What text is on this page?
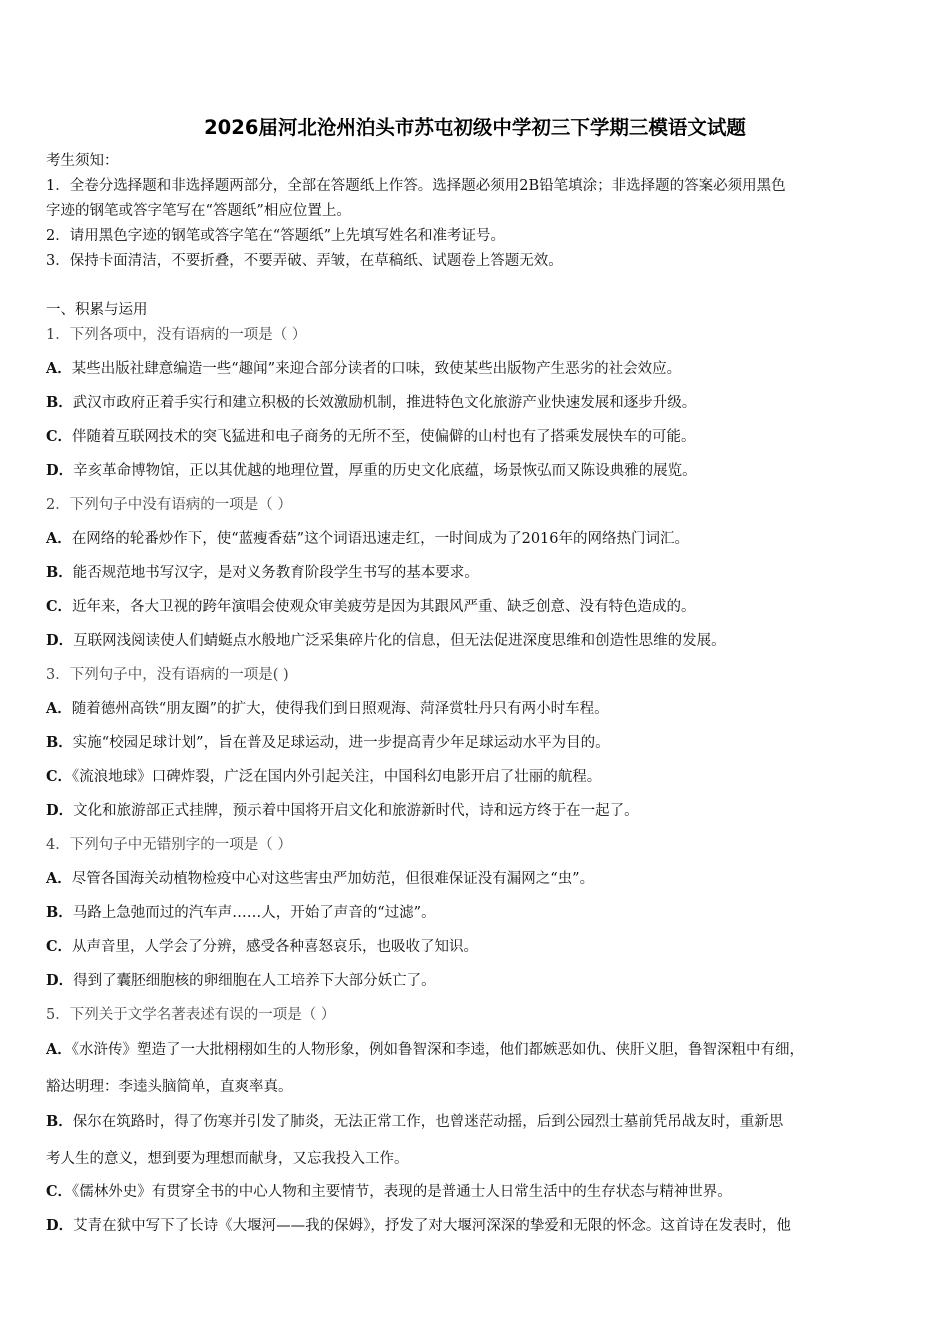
2026届河北沧州泊头市苏屯初级中学初三下学期三模语文试题
考生须知：
1．全卷分选择题和非选择题两部分，全部在答题纸上作答。选择题必须用2B铅笔填涂；非选择题的答案必须用黑色
字迹的钢笔或答字笔写在“答题纸”相应位置上。
2．请用黑色字迹的钢笔或答字笔在“答题纸”上先填写姓名和准考证号。
3．保持卡面清洁，不要折叠，不要弄破、弄皱，在草稿纸、试题卷上答题无效。
一、积累与运用
1．下列各项中，没有语病的一项是（ ）
A．某些出版社肆意编造一些“趣闻”来迎合部分读者的口味，致使某些出版物产生恶劣的社会效应。
B．武汉市政府正着手实行和建立积极的长效激励机制，推进特色文化旅游产业快速发展和逐步升级。
C．伴随着互联网技术的突飞猛进和电子商务的无所不至，使偏僻的山村也有了搭乘发展快车的可能。
D．辛亥革命博物馆，正以其优越的地理位置，厚重的历史文化底蕴，场景恢弘而又陈设典雅的展览。
2．下列句子中没有语病的一项是（ ）
A．在网络的轮番炒作下，使“蓝瘦香菇”这个词语迅速走红，一时间成为了2016年的网络热门词汇。
B．能否规范地书写汉字，是对义务教育阶段学生书写的基本要求。
C．近年来，各大卫视的跨年演唱会使观众审美疲劳是因为其跟风严重、缺乏创意、没有特色造成的。
D．互联网浅阅读使人们蜻蜓点水般地广泛采集碎片化的信息，但无法促进深度思维和创造性思维的发展。
3．下列句子中，没有语病的一项是( )
A．随着德州高铁“朋友圈”的扩大，使得我们到日照观海、菏泽赏牡丹只有两小时车程。
B．实施“校园足球计划”，旨在普及足球运动，进一步提高青少年足球运动水平为目的。
C．《流浪地球》口碑炸裂，广泛在国内外引起关注，中国科幻电影开启了壮丽的航程。
D．文化和旅游部正式挂牌，预示着中国将开启文化和旅游新时代，诗和远方终于在一起了。
4．下列句子中无错别字的一项是（ ）
A．尽管各国海关动植物检疫中心对这些害虫严加妨范，但很难保证没有漏网之“虫”。
B．马路上急弛而过的汽车声……人，开始了声音的“过滤”。
C．从声音里，人学会了分辨，感受各种喜怒哀乐，也吸收了知识。
D．得到了囊胚细胞核的卵细胞在人工培养下大部分妖亡了。
5．下列关于文学名著表述有误的一项是（ ）
A．《水浒传》塑造了一大批栩栩如生的人物形象，例如鲁智深和李逵，他们都嫉恶如仇、侠肝义胆，鲁智深粗中有细，
豁达明理：李逵头脑简单，直爽率真。
B．保尔在筑路时，得了伤寒并引发了肺炎，无法正常工作，也曾迷茫动摇，后到公园烈士墓前凭吊战友时，重新思
考人生的意义，想到要为理想而献身，又忘我投入工作。
C．《儒林外史》有贯穿全书的中心人物和主要情节，表现的是普通士人日常生活中的生存状态与精神世界。
D．艾青在狱中写下了长诗《大堰河——我的保姆》，抒发了对大堰河深深的挚爱和无限的怀念。这首诗在发表时，他
